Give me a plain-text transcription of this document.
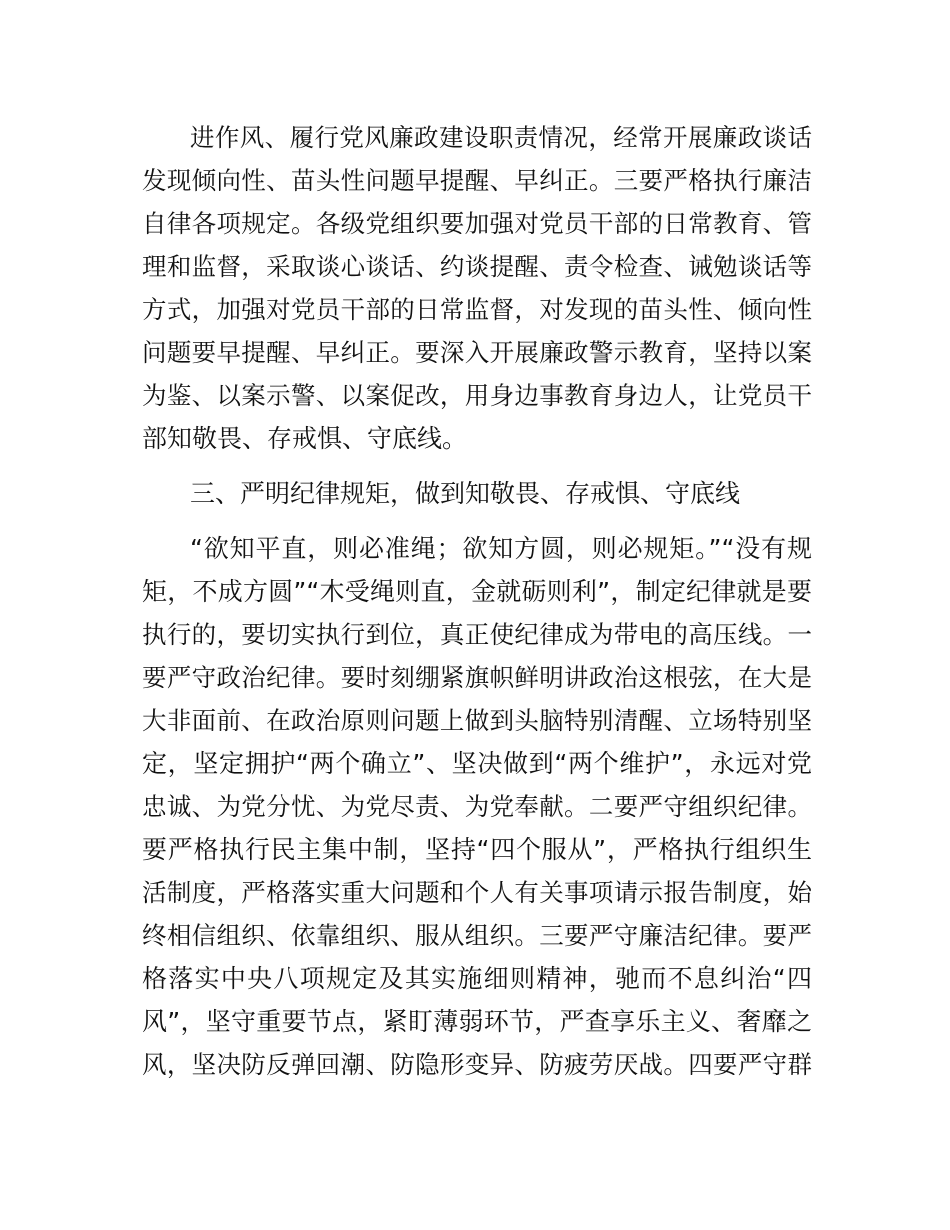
进作风、履行党风廉政建设职责情况，经常开展廉政谈话
发现倾向性、苗头性问题早提醒、早纠正。三要严格执行廉洁
自律各项规定。各级党组织要加强对党员干部的日常教育、管
理和监督，采取谈心谈话、约谈提醒、责令检查、诫勉谈话等
方式，加强对党员干部的日常监督，对发现的苗头性、倾向性
问题要早提醒、早纠正。要深入开展廉政警示教育，坚持以案
为鉴、以案示警、以案促改，用身边事教育身边人，让党员干
部知敬畏、存戒惧、守底线。
三、严明纪律规矩，做到知敬畏、存戒惧、守底线
“欲知平直，则必准绳；欲知方圆，则必规矩。”“没有规
矩，不成方圆”“木受绳则直，金就砺则利”，制定纪律就是要
执行的，要切实执行到位，真正使纪律成为带电的高压线。一
要严守政治纪律。要时刻绷紧旗帜鲜明讲政治这根弦，在大是
大非面前、在政治原则问题上做到头脑特别清醒、立场特别坚
定，坚定拥护“两个确立”、坚决做到“两个维护”，永远对党
忠诚、为党分忧、为党尽责、为党奉献。二要严守组织纪律。
要严格执行民主集中制，坚持“四个服从”，严格执行组织生
活制度，严格落实重大问题和个人有关事项请示报告制度，始
终相信组织、依靠组织、服从组织。三要严守廉洁纪律。要严
格落实中央八项规定及其实施细则精神，驰而不息纠治“四
风”，坚守重要节点，紧盯薄弱环节，严查享乐主义、奢靡之
风，坚决防反弹回潮、防隐形变异、防疲劳厌战。四要严守群
